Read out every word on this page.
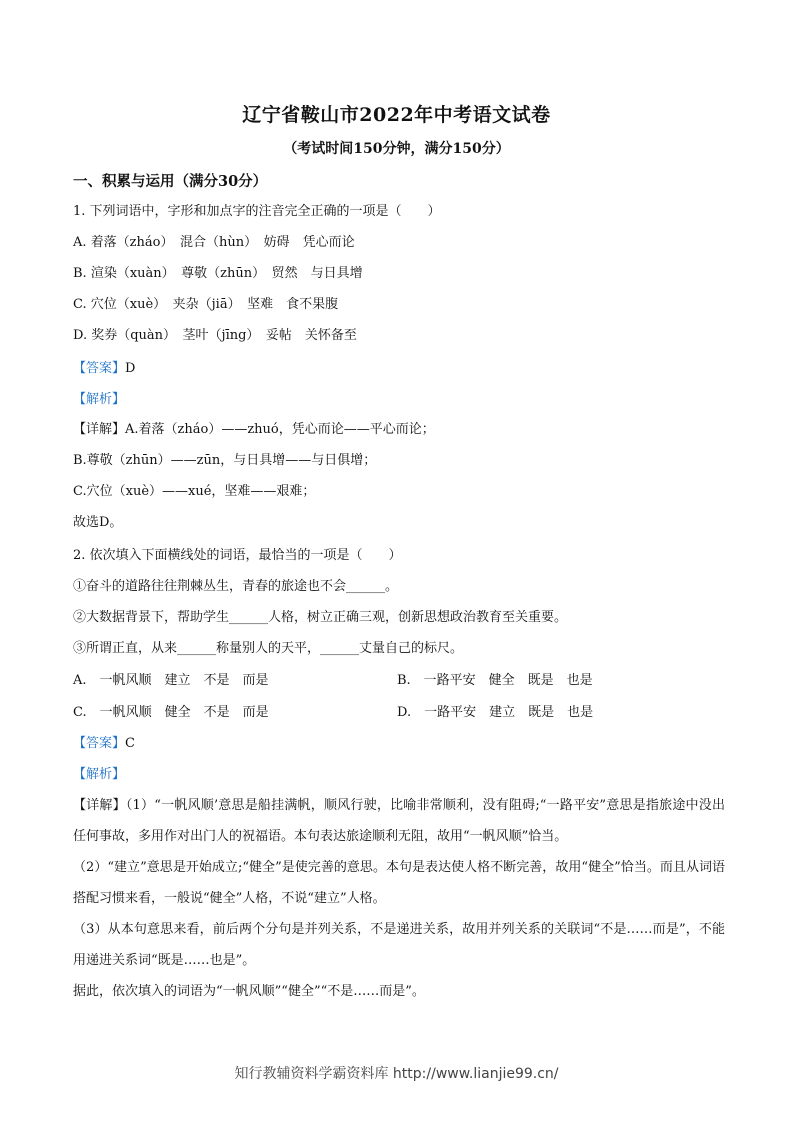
辽宁省鞍山市2022年中考语文试卷
（考试时间150分钟，满分150分）
一、积累与运用（满分30分）
1. 下列词语中，字形和加点字的注音完全正确的一项是（　　）
A. 着落（zháo）　混合（hùn）　妨碍　凭心而论
B. 渲染（xuàn）　尊敬（zhūn）　贸然　与日具增
C. 穴位（xuè）　夹杂（jiā）　坚难　食不果腹
D. 奖券（quàn）　茎叶（jīng）　妥帖　关怀备至
【答案】D
【解析】
【详解】A.着落（zháo）——zhuó，凭心而论——平心而论；
B.尊敬（zhūn）——zūn，与日具增——与日俱增；
C.穴位（xuè）——xué，坚难——艰难；
故选D。
2. 依次填入下面横线处的词语，最恰当的一项是（　　）
①奋斗的道路往往荆棘丛生，青春的旅途也不会______。
②大数据背景下，帮助学生______人格，树立正确三观，创新思想政治教育至关重要。
③所谓正直，从来______称量别人的天平，______丈量自己的标尺。
A.　一帆风顺　建立　不是　而是	B.　一路平安　健全　既是　也是
C.　一帆风顺　健全　不是　而是	D.　一路平安　建立　既是　也是
【答案】C
【解析】
【详解】（1）“一帆风顺’意思是船挂满帆，顺风行驶，比喻非常顺利，没有阻碍;“一路平安”意思是指旅途中没出任何事故，多用作对出门人的祝福语。本句表达旅途顺利无阻，故用“一帆风顺”恰当。
（2）“建立”意思是开始成立;“健全”是使完善的意思。本句是表达使人格不断完善，故用“健全”恰当。而且从词语搭配习惯来看，一般说“健全”人格，不说“建立”人格。
（3）从本句意思来看，前后两个分句是并列关系，不是递进关系，故用并列关系的关联词“不是……而是”，不能用递进关系词“既是……也是”。
据此，依次填入的词语为“一帆风顺”“健全”“不是……而是”。
知行教辅资料学霸资料库 http://www.lianjie99.cn/
